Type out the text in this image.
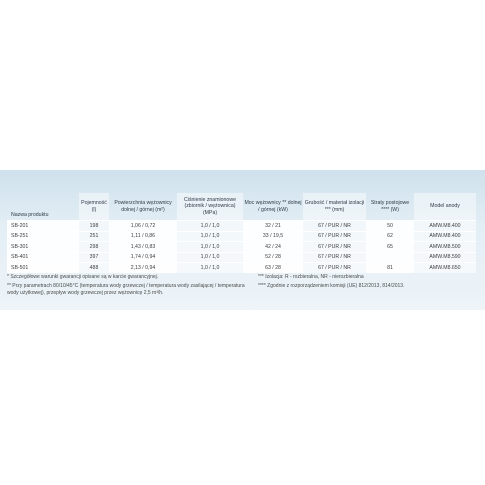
Nazwa produktu	Pojemność (l)	Powierzchnia wężownicy dolnej / górnej (m²)	Ciśnienie znamionowe (zbiornik / wężownica) (MPa)	Moc wężownicy ** dolnej / górnej (kW)	Grubość / materiał izolacji *** (mm)	Straty postojowe **** (W)	Model anody
SB-201	198	1,06 / 0,72	1,0 / 1,0	32 / 21	67 / PUR / NR	50	AMW.M8.400
SB-251	251	1,11 / 0,86	1,0 / 1,0	33 / 19,5	67 / PUR / NR	62	AMW.M8.400
SB-301	298	1,43 / 0,83	1,0 / 1,0	42 / 24	67 / PUR / NR	65	AMW.M8.500
SB-401	397	1,74 / 0,94	1,0 / 1,0	52 / 28	67 / PUR / NR		AMW.M8.590
SB-501	488	2,13 / 0,94	1,0 / 1,0	63 / 28	67 / PUR / NR	81	AMW.M8.650

* Szczegółowe warunki gwarancji opisane są w karcie gwarancyjnej.

** Przy parametrach 80/10/45°C (temperatura wody grzewczej / temperatura wody zasilającej / temperatura wody użytkowej), przepływ wody grzewczej przez wężownicę 2,5 m³/h.

*** Izolacja: R - rozbieralna, NR - nierozbieralna

**** Zgodnie z rozporządzeniem komisji (UE) 812/2013, 814/2013.
